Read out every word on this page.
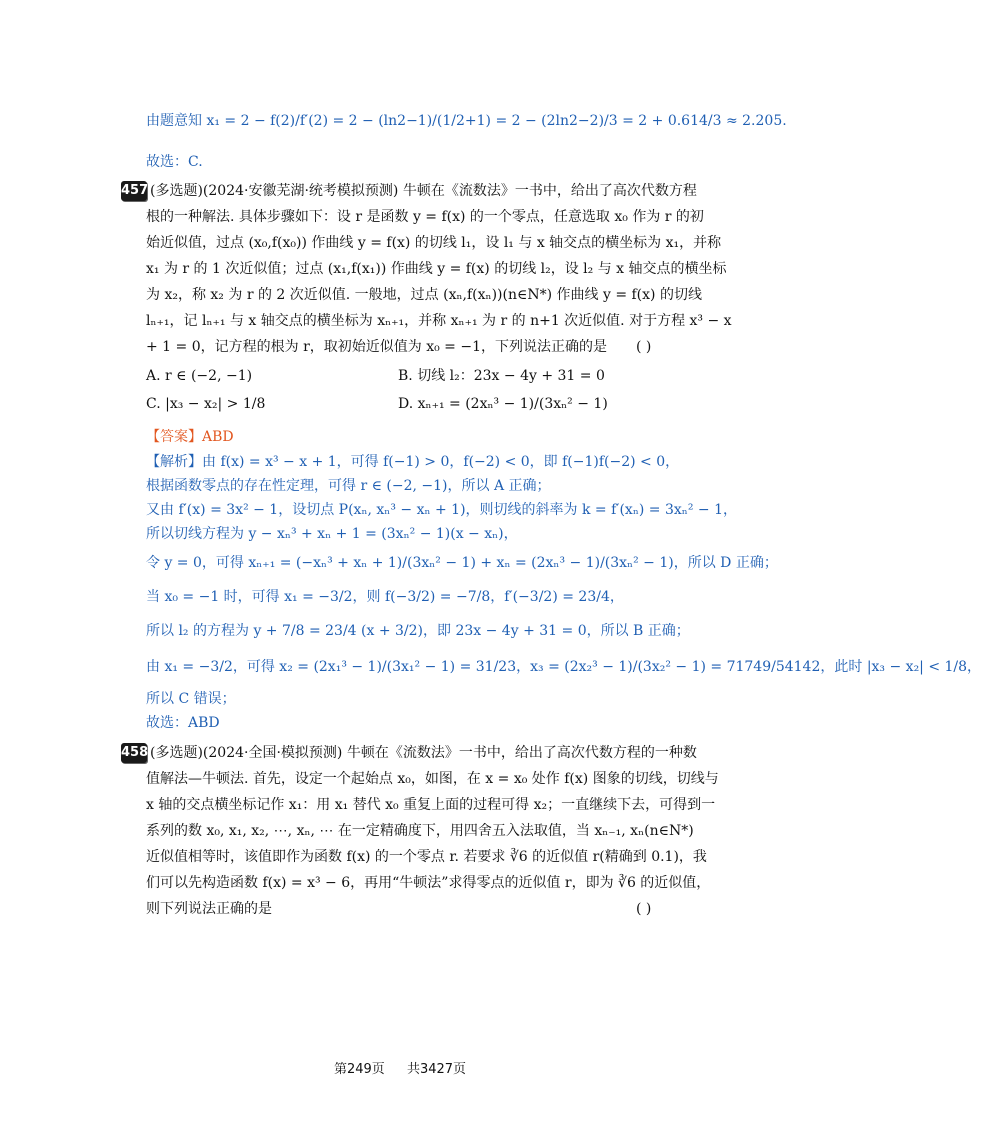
由题意知 x₁ = 2 − f(2)/f′(2) = 2 − (ln2−1)/(1/2+1) = 2 − (2ln2−2)/3 = 2 + 0.614/3 ≈ 2.205.
故选：C.
457 (多选题)(2024·安徽芜湖·统考模拟预测) 牛顿在《流数法》一书中，给出了高次代数方程
根的一种解法. 具体步骤如下：设 r 是函数 y = f(x) 的一个零点，任意选取 x₀ 作为 r 的初
始近似值，过点 (x₀,f(x₀)) 作曲线 y = f(x) 的切线 l₁，设 l₁ 与 x 轴交点的横坐标为 x₁，并称
x₁ 为 r 的 1 次近似值；过点 (x₁,f(x₁)) 作曲线 y = f(x) 的切线 l₂，设 l₂ 与 x 轴交点的横坐标
为 x₂，称 x₂ 为 r 的 2 次近似值. 一般地，过点 (xₙ,f(xₙ))(n∈N*) 作曲线 y = f(x) 的切线
lₙ₊₁，记 lₙ₊₁ 与 x 轴交点的横坐标为 xₙ₊₁，并称 xₙ₊₁ 为 r 的 n+1 次近似值. 对于方程 x³ − x
+ 1 = 0，记方程的根为 r，取初始近似值为 x₀ = −1，下列说法正确的是 ( )
A. r ∈ (−2, −1)	B. 切线 l₂：23x − 4y + 31 = 0
C. |x₃ − x₂| > 1/8	D. xₙ₊₁ = (2xₙ³ − 1)/(3xₙ² − 1)
【答案】ABD
【解析】由 f(x) = x³ − x + 1，可得 f(−1) > 0，f(−2) < 0，即 f(−1)f(−2) < 0，
根据函数零点的存在性定理，可得 r ∈ (−2, −1)，所以 A 正确；
又由 f′(x) = 3x² − 1，设切点 P(xₙ, xₙ³ − xₙ + 1)，则切线的斜率为 k = f′(xₙ) = 3xₙ² − 1，
所以切线方程为 y − xₙ³ + xₙ + 1 = (3xₙ² − 1)(x − xₙ)，
令 y = 0，可得 xₙ₊₁ = (−xₙ³ + xₙ + 1)/(3xₙ² − 1) + xₙ = (2xₙ³ − 1)/(3xₙ² − 1)，所以 D 正确；
当 x₀ = −1 时，可得 x₁ = −3/2，则 f(−3/2) = −7/8，f′(−3/2) = 23/4，
所以 l₂ 的方程为 y + 7/8 = 23/4 (x + 3/2)，即 23x − 4y + 31 = 0，所以 B 正确；
由 x₁ = −3/2，可得 x₂ = (2x₁³ − 1)/(3x₁² − 1) = 31/23，x₃ = (2x₂³ − 1)/(3x₂² − 1) = 71749/54142，此时 |x₃ − x₂| < 1/8，
所以 C 错误；
故选：ABD
458 (多选题)(2024·全国·模拟预测) 牛顿在《流数法》一书中，给出了高次代数方程的一种数
值解法—牛顿法. 首先，设定一个起始点 x₀，如图，在 x = x₀ 处作 f(x) 图象的切线，切线与
x 轴的交点横坐标记作 x₁：用 x₁ 替代 x₀ 重复上面的过程可得 x₂；一直继续下去，可得到一
系列的数 x₀, x₁, x₂, ⋯, xₙ, ⋯ 在一定精确度下，用四舍五入法取值，当 xₙ₋₁, xₙ(n∈N*)
近似值相等时，该值即作为函数 f(x) 的一个零点 r. 若要求 ∛6 的近似值 r(精确到 0.1)，我
们可以先构造函数 f(x) = x³ − 6，再用“牛顿法”求得零点的近似值 r，即为 ∛6 的近似值，
则下列说法正确的是	( )
第249页 共3427页
